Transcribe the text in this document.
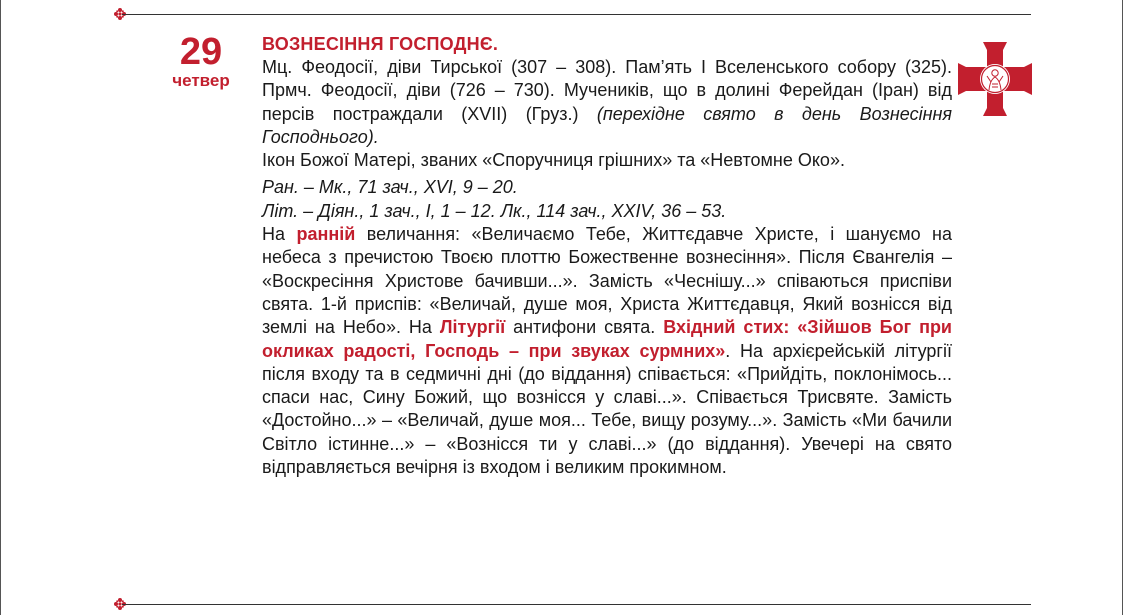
29
четвер
ВОЗНЕСІННЯ ГОСПОДНЄ.

Мц. Феодосії, діви Тирської (307 – 308). Пам’ять I Вселенського собору (325). Прмч. Феодосії, діви (726 – 730). Мучеників, що в долині Ферейдан (Іран) від персів постраждали (XVII) (Груз.) (перехідне свято в день Вознесіння Господнього).

Ікон Божої Матері, званих «Споручниця грішних» та «Невтомне Око».

Ран. – Мк., 71 зач., XVI, 9 – 20.

Літ. – Діян., 1 зач., I, 1 – 12. Лк., 114 зач., XXIV, 36 – 53.

На ранній величання: «Величаємо Тебе, Життєдавче Христе, і шануємо на небеса з пречистою Твоєю плоттю Божественне вознесіння». Після Євангелія – «Воскресіння Христове бачивши...». Замість «Чеснішу...» співаються приспіви свята. 1-й приспів: «Величай, душе моя, Христа Життєдавця, Який вознісся від землі на Небо». На Літургії антифони свята. Вхідний стих: «Зійшов Бог при окликах радості, Господь – при звуках сурмних». На архієрейській літургії після входу та в седмичні дні (до віддання) співається: «Прийдіть, поклонімось... спаси нас, Сину Божий, що вознісся у славі...». Співається Трисвяте. Замість «Достойно...» – «Величай, душе моя... Тебе, вищу розуму...». Замість «Ми бачили Світло істинне...» – «Вознісся ти у славі...» (до віддання). Увечері на свято відправляється вечірня із входом і великим прокимном.
